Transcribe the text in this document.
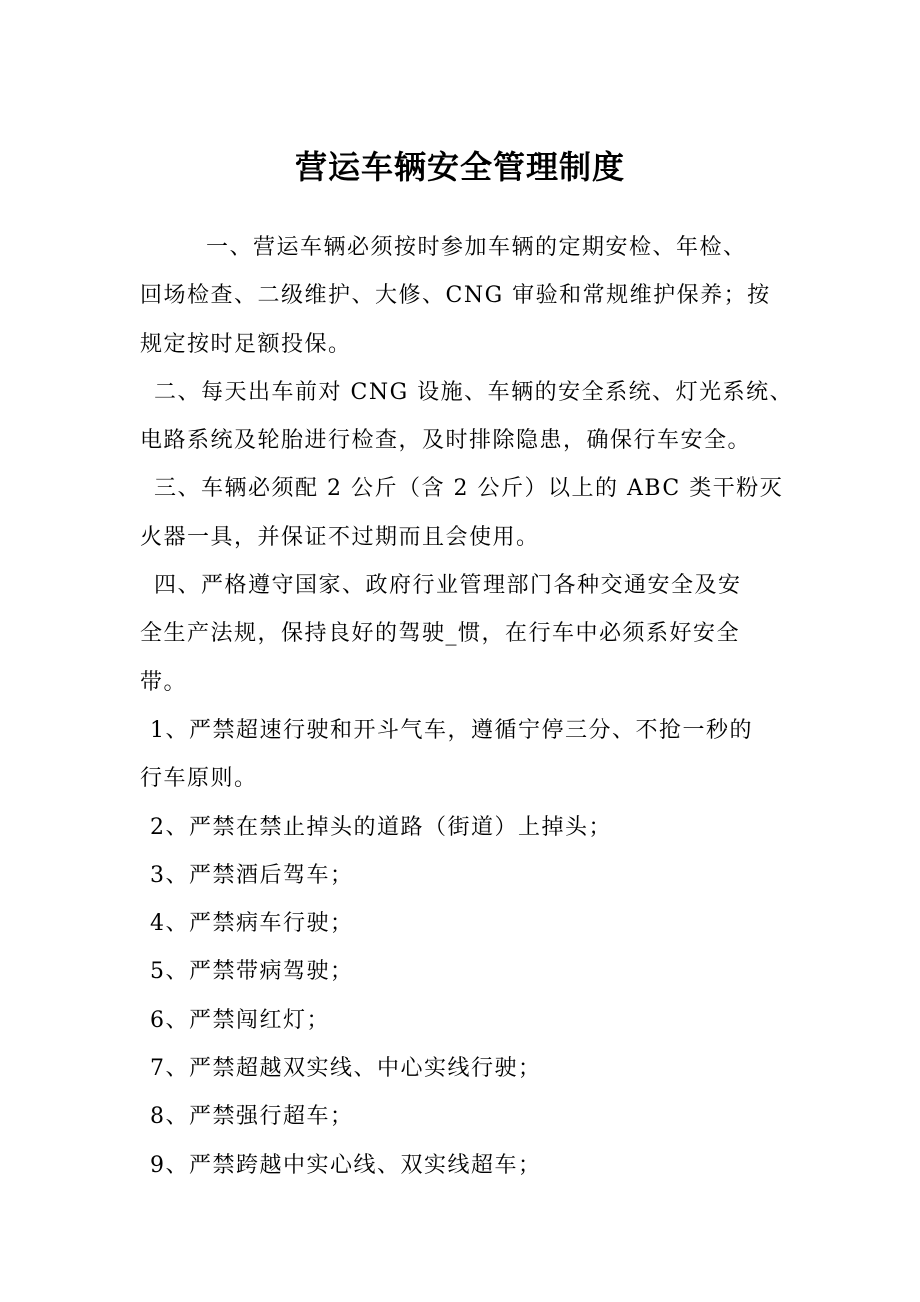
营运车辆安全管理制度

一、营运车辆必须按时参加车辆的定期安检、年检、
回场检查、二级维护、大修、CNG 审验和常规维护保养；按
规定按时足额投保。

二、每天出车前对 CNG 设施、车辆的安全系统、灯光系统、
电路系统及轮胎进行检查，及时排除隐患，确保行车安全。

三、车辆必须配 2 公斤（含 2 公斤）以上的 ABC 类干粉灭
火器一具，并保证不过期而且会使用。

四、严格遵守国家、政府行业管理部门各种交通安全及安
全生产法规，保持良好的驾驶_惯，在行车中必须系好安全
带。

1、严禁超速行驶和开斗气车，遵循宁停三分、不抢一秒的
行车原则。

2、严禁在禁止掉头的道路（街道）上掉头；

3、严禁酒后驾车；

4、严禁病车行驶；

5、严禁带病驾驶；

6、严禁闯红灯；

7、严禁超越双实线、中心实线行驶；

8、严禁强行超车；

9、严禁跨越中实心线、双实线超车；
